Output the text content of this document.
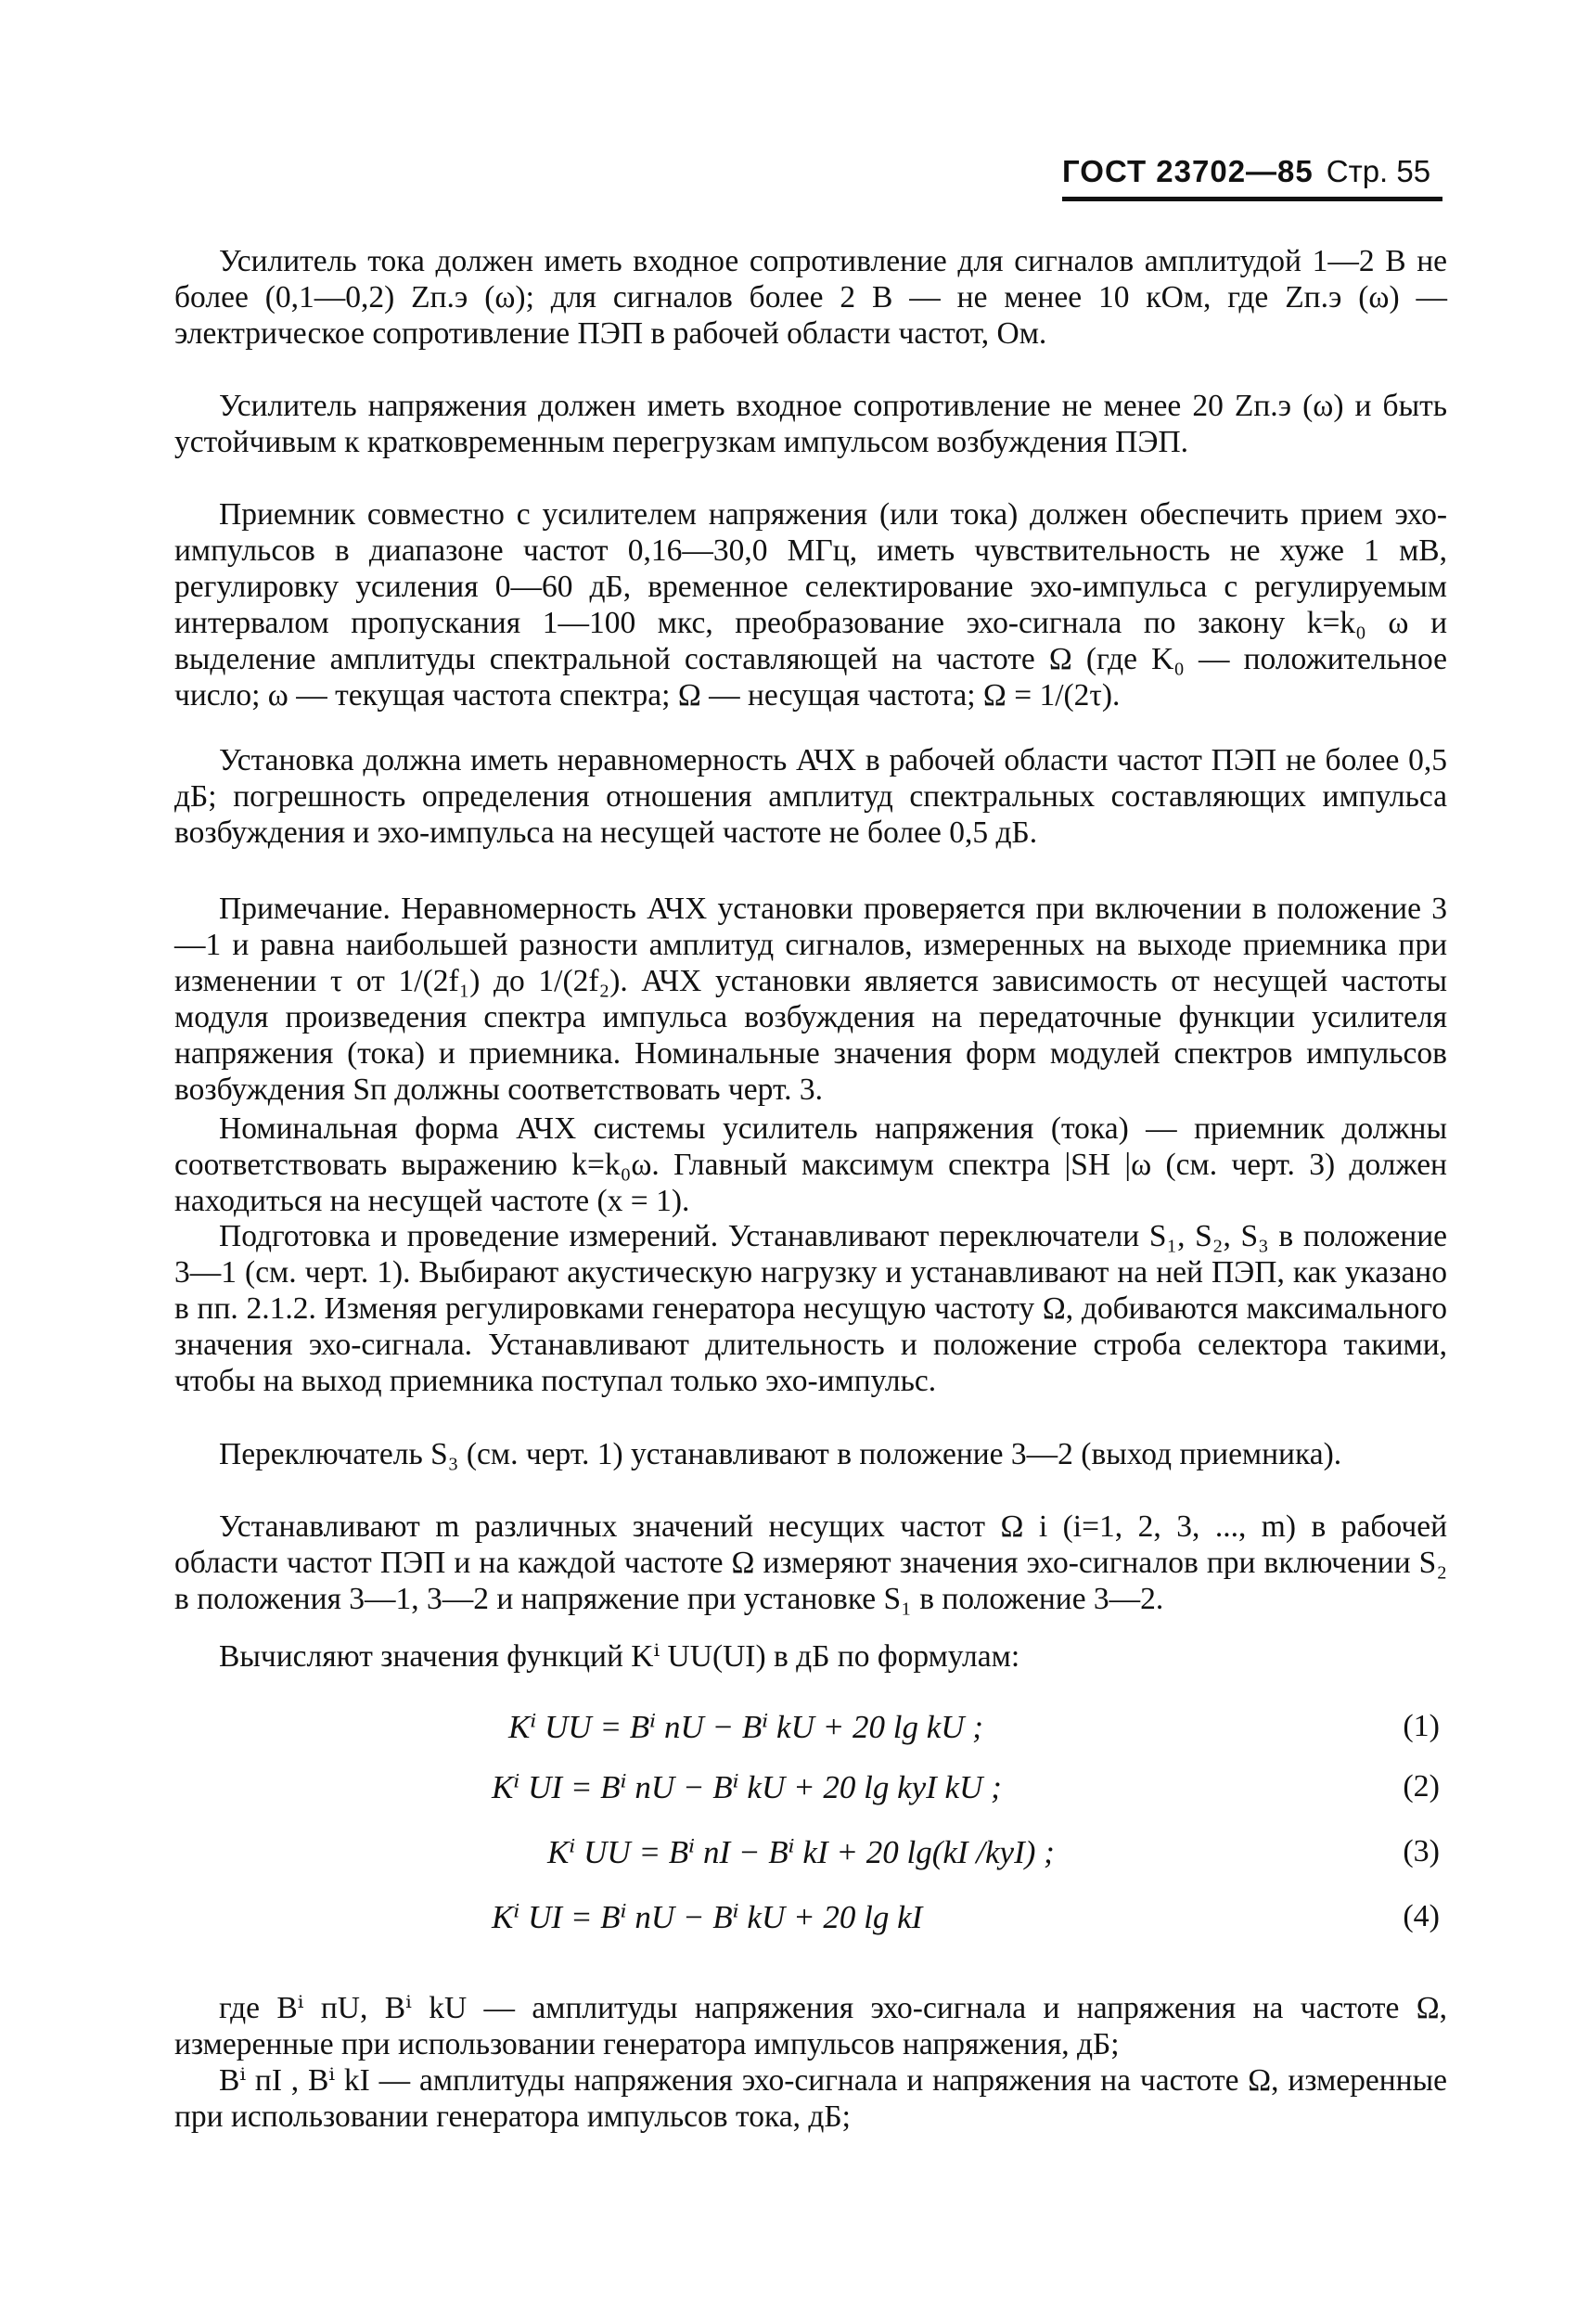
ГОСТ 23702—85 Стр. 55

Усилитель тока должен иметь входное сопротивление для сигналов амплитудой 1—2 В не более (0,1—0,2) Zп.э (ω); для сигналов более 2 В — не менее 10 кОм, где Zп.э (ω) — электрическое сопротивление ПЭП в рабочей области частот, Ом.

Усилитель напряжения должен иметь входное сопротивление не менее 20 Zп.э (ω) и быть устойчивым к кратковременным перегрузкам импульсом возбуждения ПЭП.

Приемник совместно с усилителем напряжения (или тока) должен обеспечить прием эхо-импульсов в диапазоне частот 0,16—30,0 МГц, иметь чувствительность не хуже 1 мВ, регулировку усиления 0—60 дБ, временное селектирование эхо-импульса с регулируемым интервалом пропускания 1—100 мкс, преобразование эхо-сигнала по закону k=k₀ ω и выделение амплитуды спектральной составляющей на частоте Ω (где K₀ — положительное число; ω — текущая частота спектра; Ω — несущая частота; Ω = 1/(2τ).

Установка должна иметь неравномерность АЧХ в рабочей области частот ПЭП не более 0,5 дБ; погрешность определения отношения амплитуд спектральных составляющих импульса возбуждения и эхо-импульса на несущей частоте не более 0,5 дБ.

Примечание. Неравномерность АЧХ установки проверяется при включении в положение 3—1 и равна наибольшей разности амплитуд сигналов, измеренных на выходе приемника при изменении τ от 1/(2f₁) до 1/(2f₂). АЧХ установки является зависимость от несущей частоты модуля произведения спектра импульса возбуждения на передаточные функции усилителя напряжения (тока) и приемника. Номинальные значения форм модулей спектров импульсов возбуждения Sп должны соответствовать черт. 3.

Номинальная форма АЧХ системы усилитель напряжения (тока) — приемник должны соответствовать выражению k=k₀ω. Главный максимум спектра |SH |ω (см. черт. 3) должен находиться на несущей частоте (x = 1).

Подготовка и проведение измерений. Устанавливают переключатели S₁, S₂, S₃ в положение 3—1 (см. черт. 1). Выбирают акустическую нагрузку и устанавливают на ней ПЭП, как указано в пп. 2.1.2. Изменяя регулировками генератора несущую частоту Ω, добиваются максимального значения эхо-сигнала. Устанавливают длительность и положение строба селектора такими, чтобы на выход приемника поступал только эхо-импульс.

Переключатель S₃ (см. черт. 1) устанавливают в положение 3—2 (выход приемника).

Устанавливают m различных значений несущих частот Ω i (i=1, 2, 3, ..., m) в рабочей области частот ПЭП и на каждой частоте Ω измеряют значения эхо-сигналов при включении S₂ в положения 3—1, 3—2 и напряжение при установке S₁ в положение 3—2.

Вычисляют значения функций Kⁱ UU(UI) в дБ по формулам:

Kⁱ UU = Bⁱ пU − Bⁱ kU + 20 lg kU ;	(1)
Kⁱ UI = Bⁱ пU − Bⁱ kU + 20 lg kyI kU ;	(2)
Kⁱ UU = Bⁱ пI − Bⁱ kI + 20 lg(kI /kyI) ;	(3)
Kⁱ UI = Bⁱ пU − Bⁱ kU + 20 lg kI	(4)

где Bⁱ пU, Bⁱ kU — амплитуды напряжения эхо-сигнала и напряжения на частоте Ω, измеренные при использовании генератора импульсов напряжения, дБ;

Bⁱ пI , Bⁱ kI — амплитуды напряжения эхо-сигнала и напряжения на частоте Ω, измеренные при использовании генератора импульсов тока, дБ;
